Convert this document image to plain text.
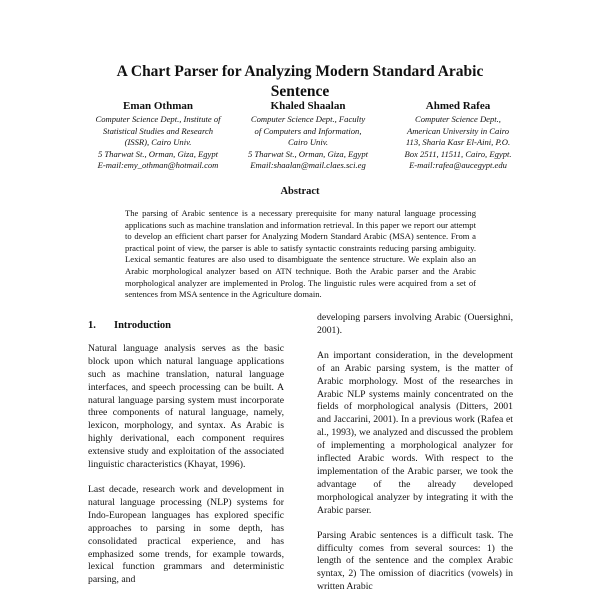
A Chart Parser for Analyzing Modern Standard Arabic
Sentence
Eman Othman
Computer Science Dept., Institute of
Statistical Studies and Research
(ISSR), Cairo Univ.
5 Tharwat St., Orman, Giza, Egypt
E-mail:emy_othman@hotmail.com
Khaled Shaalan
Computer Science Dept., Faculty
of Computers and Information,
Cairo Univ.
5 Tharwat St., Orman, Giza, Egypt
Email:shaalan@mail.claes.sci.eg
Ahmed Rafea
Computer Science Dept.,
American University in Cairo
113, Sharia Kasr El-Aini, P.O.
Box 2511, 11511, Cairo, Egypt.
E-mail:rafea@aucegypt.edu
Abstract
The parsing of Arabic sentence is a necessary prerequisite for many natural language processing applications such as machine translation and information retrieval. In this paper we report our attempt to develop an efficient chart parser for Analyzing Modern Standard Arabic (MSA) sentence. From a practical point of view, the parser is able to satisfy syntactic constraints reducing parsing ambiguity. Lexical semantic features are also used to disambiguate the sentence structure. We explain also an Arabic morphological analyzer based on ATN technique. Both the Arabic parser and the Arabic morphological analyzer are implemented in Prolog. The linguistic rules were acquired from a set of sentences from MSA sentence in the Agriculture domain.
1. Introduction

Natural language analysis serves as the basic block upon which natural language applications such as machine translation, natural language interfaces, and speech processing can be built. A natural language parsing system must incorporate three components of natural language, namely, lexicon, morphology, and syntax. As Arabic is highly derivational, each component requires extensive study and exploitation of the associated linguistic characteristics (Khayat, 1996).

Last decade, research work and development in natural language processing (NLP) systems for Indo-European languages has explored specific approaches to parsing in some depth, has consolidated practical experience, and has emphasized some trends, for example towards, lexical function grammars and deterministic parsing, and

developing parsers involving Arabic (Ouersighni, 2001).

An important consideration, in the development of an Arabic parsing system, is the matter of Arabic morphology. Most of the researches in Arabic NLP systems mainly concentrated on the fields of morphological analysis (Ditters, 2001 and Jaccarini, 2001). In a previous work (Rafea et al., 1993), we analyzed and discussed the problem of implementing a morphological analyzer for inflected Arabic words. With respect to the implementation of the Arabic parser, we took the advantage of the already developed morphological analyzer by integrating it with the Arabic parser.

Parsing Arabic sentences is a difficult task. The difficulty comes from several sources: 1) the length of the sentence and the complex Arabic syntax, 2) The omission of diacritics (vowels) in written Arabic
